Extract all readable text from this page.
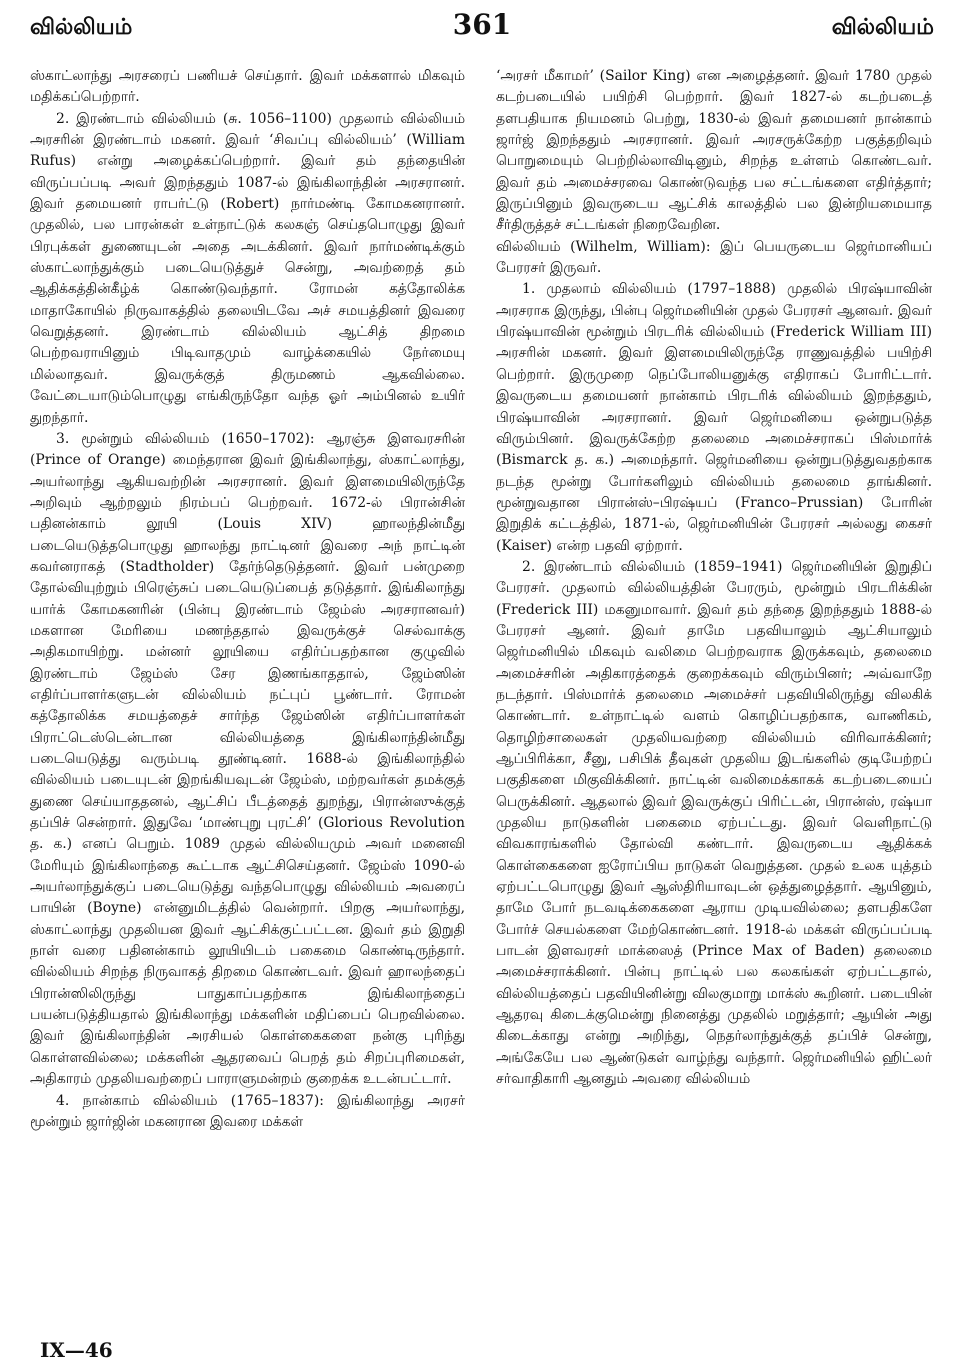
வில்லியம்	361	வில்லியம்

ஸ்காட்லாந்து அரசரைப் பணியச் செய்தார். இவர் மக்களால் மிகவும் மதிக்கப்பெற்றார்.

2. இரண்டாம் வில்லியம் (சு. 1056–1100) முதலாம் வில்லியம் அரசரின் இரண்டாம் மகனர். இவர் ‘சிவப்பு வில்லியம்’ (William Rufus) என்று அழைக்கப்பெற்றார். இவர் தம் தந்தையின் விருப்பப்படி அவர் இறந்ததும் 1087-ல் இங்கிலாந்தின் அரசரானர். இவர் தமையனர் ராபர்ட்டு (Robert) நார்மண்டி கோமகனரானர். முதலில், பல பாரன்கள் உள்நாட்டுக் கலகஞ் செய்தபொழுது இவர் பிரபுக்கள் துணையுடன் அதை அடக்கினர். இவர் நார்மண்டிக்கும் ஸ்காட்லாந்துக்கும் படையெடுத்துச் சென்று, அவற்றைத் தம் ஆதிக்கத்தின்கீழ்க் கொண்டுவந்தார். ரோமன் கத்தோலிக்க மாதாகோயில் நிருவாகத்தில் தலையிடவே அச் சமயத்தினர் இவரை வெறுத்தனர். இரண்டாம் வில்லியம் ஆட்சித் திறமை பெற்றவராயினும் பிடிவாதமும் வாழ்க்கையில் நேர்மையு மில்லாதவர். இவருக்குத் திருமணம் ஆகவில்லை. வேட்டையாடும்பொழுது எங்கிருந்தோ வந்த ஓர் அம்பினல் உயிர் துறந்தார்.

3. மூன்றும் வில்லியம் (1650–1702): ஆரஞ்சு இளவரசரின் (Prince of Orange) மைந்தரான இவர் இங்கிலாந்து, ஸ்காட்லாந்து, அயர்லாந்து ஆகியவற்றின் அரசரானர். இவர் இளமையிலிருந்தே அறிவும் ஆற்றலும் நிரம்பப் பெற்றவர். 1672-ல் பிரான்சின் பதினன்காம் லூயி (Louis XIV) ஹாலந்தின்மீது படையெடுத்தபொழுது ஹாலந்து நாட்டினர் இவரை அந் நாட்டின் கவர்னராகத் (Stadtholder) தேர்ந்தெடுத்தனர். இவர் பன்முறை தோல்வியுற்றும் பிரெஞ்சுப் படையெடுப்பைத் தடுத்தார். இங்கிலாந்து யார்க் கோமகனரின் (பின்பு இரண்டாம் ஜேம்ஸ் அரசரானவர்) மகளான மேரியை மணந்ததால் இவருக்குச் செல்வாக்கு அதிகமாயிற்று. மன்னர் லூயியை எதிர்ப்பதற்கான குழுவில் இரண்டாம் ஜேம்ஸ் சேர இணங்காததால், ஜேம்ஸின் எதிர்ப்பாளர்களுடன் வில்லியம் நட்புப் பூண்டார். ரோமன் கத்தோலிக்க சமயத்தைச் சார்ந்த ஜேம்ஸின் எதிர்ப்பாளர்கள் பிராட்டெஸ்டென்டான வில்லியத்தை இங்கிலாந்தின்மீது படையெடுத்து வரும்படி தூண்டினர். 1688-ல் இங்கிலாந்தில் வில்லியம் படையுடன் இறங்கியவுடன் ஜேம்ஸ், மற்றவர்கள் தமக்குத் துணை செய்யாததனல், ஆட்சிப் பீடத்தைத் துறந்து, பிரான்ஸுக்குத் தப்பிச் சென்றார். இதுவே ‘மாண்புறு புரட்சி’ (Glorious Revolution த. க.) எனப் பெறும். 1089 முதல் வில்லியமும் அவர் மனைவி மேரியும் இங்கிலாந்தை கூட்டாக ஆட்சிசெய்தனர். ஜேம்ஸ் 1090-ல் அயர்லாந்துக்குப் படையெடுத்து வந்தபொழுது வில்லியம் அவரைப் பாயின் (Boyne) என்னுமிடத்தில் வென்றார். பிறகு அயர்லாந்து, ஸ்காட்லாந்து முதலியன இவர் ஆட்சிக்குட்பட்டன. இவர் தம் இறுதி நாள் வரை பதினன்காம் லூயியிடம் பகைமை கொண்டிருந்தார். வில்லியம் சிறந்த நிருவாகத் திறமை கொண்டவர். இவர் ஹாலந்தைப் பிரான்ஸிலிருந்து பாதுகாப்பதற்காக இங்கிலாந்தைப் பயன்படுத்தியதால் இங்கிலாந்து மக்களின் மதிப்பைப் பெறவில்லை. இவர் இங்கிலாந்தின் அரசியல் கொள்கைகளை நன்கு புரிந்து கொள்ளவில்லை; மக்களின் ஆதரவைப் பெறத் தம் சிறப்புரிமைகள், அதிகாரம் முதலியவற்றைப் பாராளுமன்றம் குறைக்க உடன்பட்டார்.

4. நான்காம் வில்லியம் (1765–1837): இங்கிலாந்து அரசர் மூன்றும் ஜார்ஜின் மகனரான இவரை மக்கள்

‘அரசர் மீகாமர்’ (Sailor King) என அழைத்தனர். இவர் 1780 முதல் கடற்படையில் பயிற்சி பெற்றார். இவர் 1827-ல் கடற்படைத் தளபதியாக நியமனம் பெற்று, 1830-ல் இவர் தமையனர் நான்காம் ஜார்ஜ் இறந்ததும் அரசரானர். இவர் அரசருக்கேற்ற பகுத்தறிவும் பொறுமையும் பெற்றில்லாவிடினும், சிறந்த உள்ளம் கொண்டவர். இவர் தம் அமைச்சரவை கொண்டுவந்த பல சட்டங்களை எதிர்த்தார்; இருப்பினும் இவருடைய ஆட்சிக் காலத்தில் பல இன்றியமையாத சீர்திருத்தச் சட்டங்கள் நிறைவேறின.

வில்லியம் (Wilhelm, William): இப் பெயருடைய ஜெர்மானியப் பேரரசர் இருவர்.

1. முதலாம் வில்லியம் (1797–1888) முதலில் பிரஷ்யாவின் அரசராக இருந்து, பின்பு ஜெர்மனியின் முதல் பேரரசர் ஆனவர். இவர் பிரஷ்யாவின் மூன்றும் பிரடரிக் வில்லியம் (Frederick William III) அரசரின் மகனர். இவர் இளமையிலிருந்தே ராணுவத்தில் பயிற்சி பெற்றார். இருமுறை நெப்போலியனுக்கு எதிராகப் போரிட்டார். இவருடைய தமையனர் நான்காம் பிரடரிக் வில்லியம் இறந்ததும், பிரஷ்யாவின் அரசரானர். இவர் ஜெர்மனியை ஒன்றுபடுத்த விரும்பினர். இவருக்கேற்ற தலைமை அமைச்சராகப் பிஸ்மார்க் (Bismarck த. க.) அமைந்தார். ஜெர்மனியை ஒன்றுபடுத்துவதற்காக நடந்த மூன்று போர்களிலும் வில்லியம் தலைமை தாங்கினர். மூன்றுவதான பிரான்ஸ்–பிரஷ்யப் (Franco–Prussian) போரின் இறுதிக் கட்டத்தில், 1871-ல், ஜெர்மனியின் பேரரசர் அல்லது கைசர் (Kaiser) என்ற பதவி ஏற்றார்.

2. இரண்டாம் வில்லியம் (1859–1941) ஜெர்மனியின் இறுதிப் பேரரசர். முதலாம் வில்லியத்தின் பேரரும், மூன்றும் பிரடரிக்கின் (Frederick III) மகனுமாவார். இவர் தம் தந்தை இறந்ததும் 1888-ல் பேரரசர் ஆனர். இவர் தாமே பதவியாலும் ஆட்சியாலும் ஜெர்மனியில் மிகவும் வலிமை பெற்றவராக இருக்கவும், தலைமை அமைச்சரின் அதிகாரத்தைக் குறைக்கவும் விரும்பினர்; அவ்வாறே நடந்தார். பிஸ்மார்க் தலைமை அமைச்சர் பதவியிலிருந்து விலகிக் கொண்டார். உள்நாட்டில் வளம் கொழிப்பதற்காக, வாணிகம், தொழிற்சாலைகள் முதலியவற்றை வில்லியம் விரிவாக்கினர்; ஆப்பிரிக்கா, சீனு, பசிபிக் தீவுகள் முதலிய இடங்களில் குடியேற்றப் பகுதிகளை மிகுவிக்கினர். நாட்டின் வலிமைக்காகக் கடற்படையைப் பெருக்கினர். ஆதலால் இவர் இவருக்குப் பிரிட்டன், பிரான்ஸ், ரஷ்யா முதலிய நாடுகளின் பகைமை ஏற்பட்டது. இவர் வெளிநாட்டு விவகாரங்களில் தோல்வி கண்டார். இவருடைய ஆதிக்கக் கொள்கைகளை ஐரோப்பிய நாடுகள் வெறுத்தன. முதல் உலக யுத்தம் ஏற்பட்டபொழுது இவர் ஆஸ்திரியாவுடன் ஒத்துழைத்தார். ஆயினும், தாமே போர் நடவடிக்கைகளை ஆராய முடியவில்லை; தளபதிகளே போர்ச் செயல்களை மேற்கொண்டனர். 1918-ல் மக்கள் விருப்பப்படி பாடன் இளவரசர் மாக்ஸைத் (Prince Max of Baden) தலைமை அமைச்சராக்கினர். பின்பு நாட்டில் பல கலகங்கள் ஏற்பட்டதால், வில்லியத்தைப் பதவியினின்று விலகுமாறு மாக்ஸ் கூறினர். படையின் ஆதரவு கிடைக்குமென்று நினைத்து முதலில் மறுத்தார்; ஆயின் அது கிடைக்காது என்று அறிந்து, நெதர்லாந்துக்குத் தப்பிச் சென்று, அங்கேயே பல ஆண்டுகள் வாழ்ந்து வந்தார். ஜெர்மனியில் ஹிட்லர் சர்வாதிகாரி ஆனதும் அவரை வில்லியம்

IX—46
